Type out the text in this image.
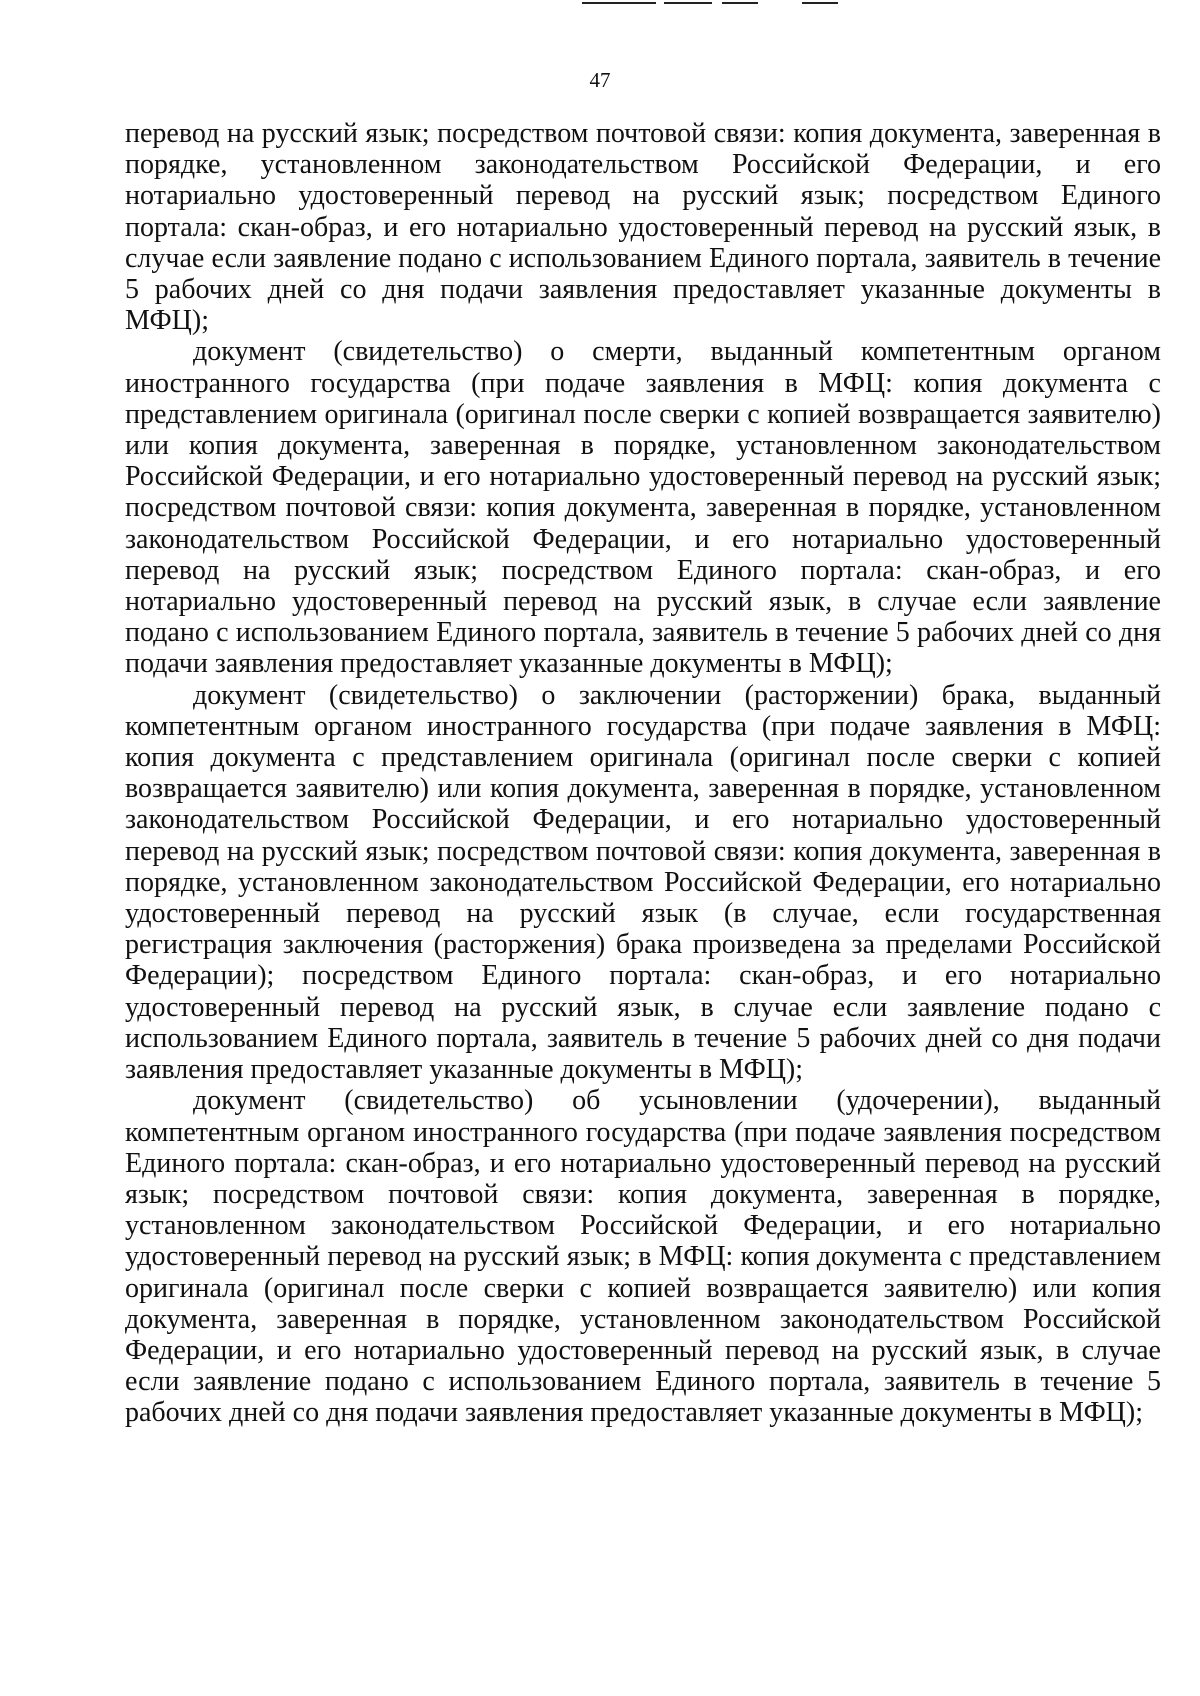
47

перевод на русский язык; посредством почтовой связи: копия документа, заверенная в порядке, установленном законодательством Российской Федерации, и его нотариально удостоверенный перевод на русский язык; посредством Единого портала: скан-образ, и его нотариально удостоверенный перевод на русский язык, в случае если заявление подано с использованием Единого портала, заявитель в течение 5 рабочих дней со дня подачи заявления предоставляет указанные документы в МФЦ);

документ (свидетельство) о смерти, выданный компетентным органом иностранного государства (при подаче заявления в МФЦ: копия документа с представлением оригинала (оригинал после сверки с копией возвращается заявителю) или копия документа, заверенная в порядке, установленном законодательством Российской Федерации, и его нотариально удостоверенный перевод на русский язык; посредством почтовой связи: копия документа, заверенная в порядке, установленном законодательством Российской Федерации, и его нотариально удостоверенный перевод на русский язык; посредством Единого портала: скан-образ, и его нотариально удостоверенный перевод на русский язык, в случае если заявление подано с использованием Единого портала, заявитель в течение 5 рабочих дней со дня подачи заявления предоставляет указанные документы в МФЦ);

документ (свидетельство) о заключении (расторжении) брака, выданный компетентным органом иностранного государства (при подаче заявления в МФЦ: копия документа с представлением оригинала (оригинал после сверки с копией возвращается заявителю) или копия документа, заверенная в порядке, установленном законодательством Российской Федерации, и его нотариально удостоверенный перевод на русский язык; посредством почтовой связи: копия документа, заверенная в порядке, установленном законодательством Российской Федерации, его нотариально удостоверенный перевод на русский язык (в случае, если государственная регистрация заключения (расторжения) брака произведена за пределами Российской Федерации); посредством Единого портала: скан-образ, и его нотариально удостоверенный перевод на русский язык, в случае если заявление подано с использованием Единого портала, заявитель в течение 5 рабочих дней со дня подачи заявления предоставляет указанные документы в МФЦ);

документ (свидетельство) об усыновлении (удочерении), выданный компетентным органом иностранного государства (при подаче заявления посредством Единого портала: скан-образ, и его нотариально удостоверенный перевод на русский язык; посредством почтовой связи: копия документа, заверенная в порядке, установленном законодательством Российской Федерации, и его нотариально удостоверенный перевод на русский язык; в МФЦ: копия документа с представлением оригинала (оригинал после сверки с копией возвращается заявителю) или копия документа, заверенная в порядке, установленном законодательством Российской Федерации, и его нотариально удостоверенный перевод на русский язык, в случае если заявление подано с использованием Единого портала, заявитель в течение 5 рабочих дней со дня подачи заявления предоставляет указанные документы в МФЦ);
